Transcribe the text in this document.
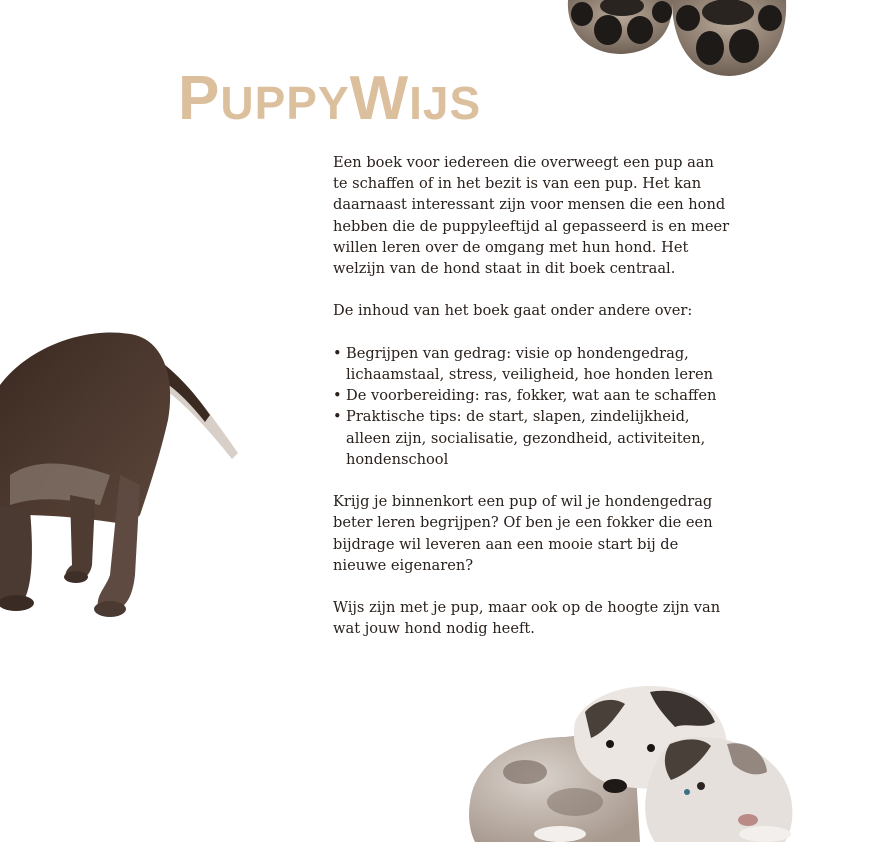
PUPPYWIJS

Een boek voor iedereen die overweegt een pup aan te schaffen of in het bezit is van een pup. Het kan daarnaast interessant zijn voor mensen die een hond hebben die de puppyleeftijd al gepasseerd is en meer willen leren over de omgang met hun hond. Het welzijn van de hond staat in dit boek centraal.

De inhoud van het boek gaat onder andere over:

• Begrijpen van gedrag: visie op hondengedrag, lichaamstaal, stress, veiligheid, hoe honden leren
• De voorbereiding: ras, fokker, wat aan te schaffen
• Praktische tips: de start, slapen, zindelijkheid, alleen zijn, socialisatie, gezondheid, activiteiten, hondenschool

Krijg je binnenkort een pup of wil je hondengedrag beter leren begrijpen? Of ben je een fokker die een bijdrage wil leveren aan een mooie start bij de nieuwe eigenaren?

Wijs zijn met je pup, maar ook op de hoogte zijn van wat jouw hond nodig heeft.
